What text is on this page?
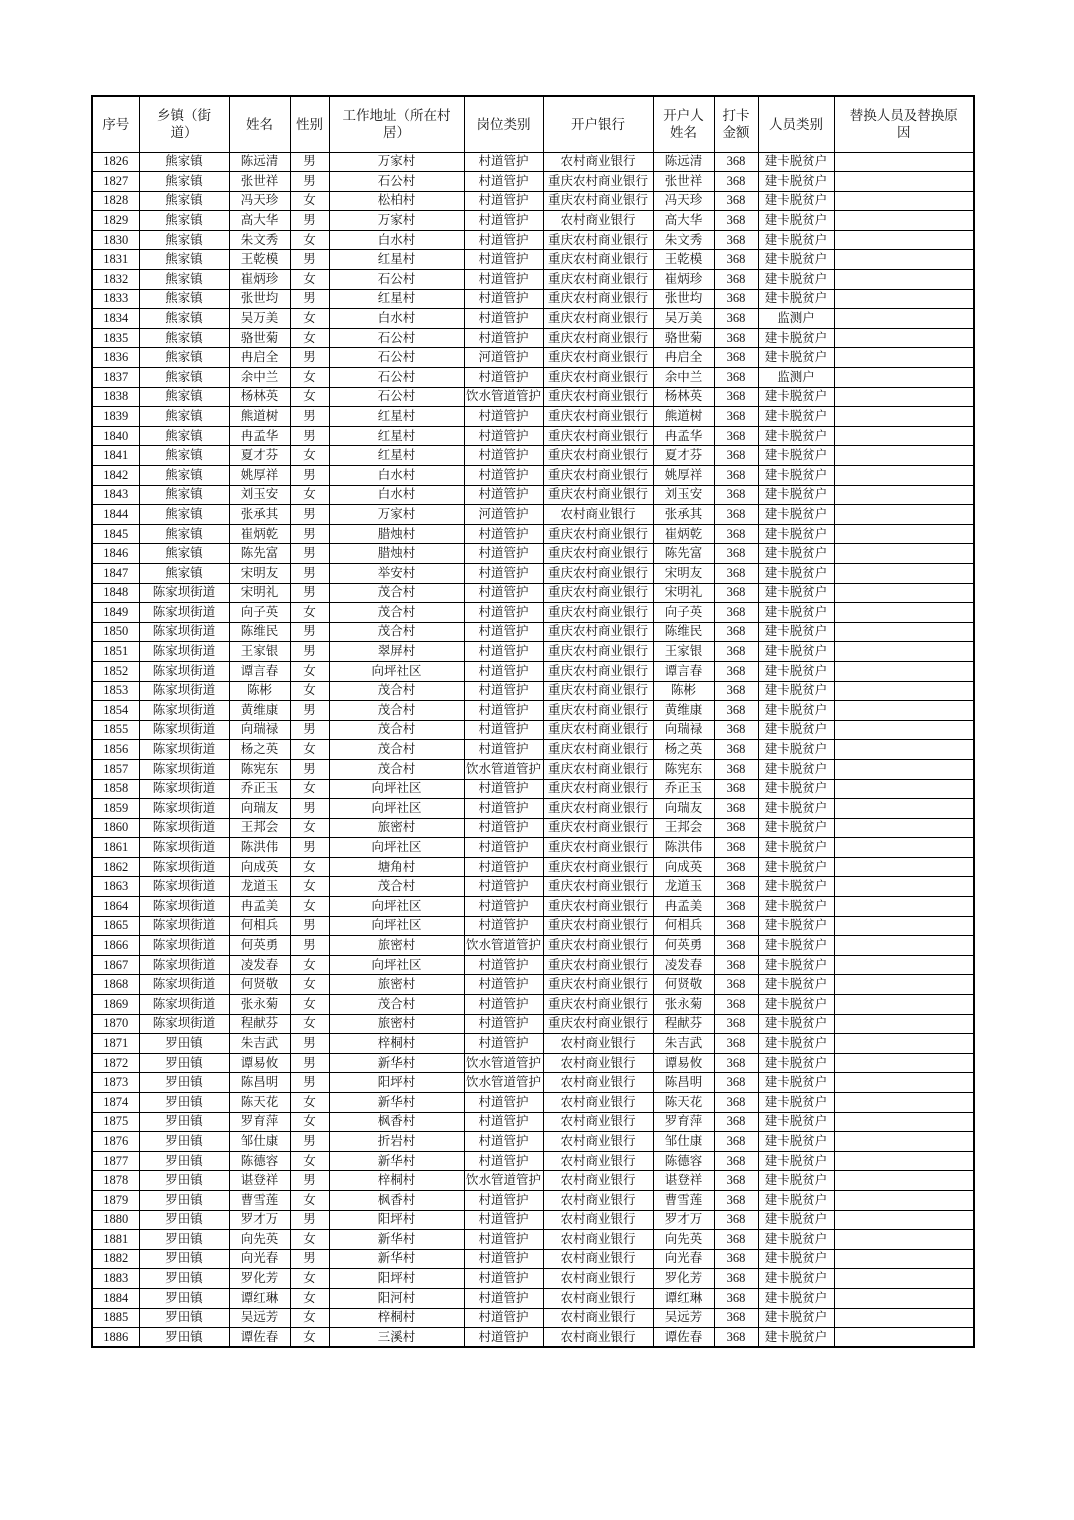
序号	乡镇（街道）	姓名	性别	工作地址（所在村居）	岗位类别	开户银行	开户人姓名	打卡金额	人员类别	替换人员及替换原因
1826	熊家镇	陈远清	男	万家村	村道管护	农村商业银行	陈远清	368	建卡脱贫户	
1827	熊家镇	张世祥	男	石公村	村道管护	重庆农村商业银行	张世祥	368	建卡脱贫户	
1828	熊家镇	冯天珍	女	松柏村	村道管护	重庆农村商业银行	冯天珍	368	建卡脱贫户	
1829	熊家镇	高大华	男	万家村	村道管护	农村商业银行	高大华	368	建卡脱贫户	
1830	熊家镇	朱文秀	女	白水村	村道管护	重庆农村商业银行	朱文秀	368	建卡脱贫户	
1831	熊家镇	王乾模	男	红星村	村道管护	重庆农村商业银行	王乾模	368	建卡脱贫户	
1832	熊家镇	崔炳珍	女	石公村	村道管护	重庆农村商业银行	崔炳珍	368	建卡脱贫户	
1833	熊家镇	张世均	男	红星村	村道管护	重庆农村商业银行	张世均	368	建卡脱贫户	
1834	熊家镇	吴万美	女	白水村	村道管护	重庆农村商业银行	吴万美	368	监测户	
1835	熊家镇	骆世菊	女	石公村	村道管护	重庆农村商业银行	骆世菊	368	建卡脱贫户	
1836	熊家镇	冉启全	男	石公村	河道管护	重庆农村商业银行	冉启全	368	建卡脱贫户	
1837	熊家镇	余中兰	女	石公村	村道管护	重庆农村商业银行	余中兰	368	监测户	
1838	熊家镇	杨林英	女	石公村	饮水管道管护	重庆农村商业银行	杨林英	368	建卡脱贫户	
1839	熊家镇	熊道树	男	红星村	村道管护	重庆农村商业银行	熊道树	368	建卡脱贫户	
1840	熊家镇	冉孟华	男	红星村	村道管护	重庆农村商业银行	冉孟华	368	建卡脱贫户	
1841	熊家镇	夏才芬	女	红星村	村道管护	重庆农村商业银行	夏才芬	368	建卡脱贫户	
1842	熊家镇	姚厚祥	男	白水村	村道管护	重庆农村商业银行	姚厚祥	368	建卡脱贫户	
1843	熊家镇	刘玉安	女	白水村	村道管护	重庆农村商业银行	刘玉安	368	建卡脱贫户	
1844	熊家镇	张承其	男	万家村	河道管护	农村商业银行	张承其	368	建卡脱贫户	
1845	熊家镇	崔炳乾	男	腊烛村	村道管护	重庆农村商业银行	崔炳乾	368	建卡脱贫户	
1846	熊家镇	陈先富	男	腊烛村	村道管护	重庆农村商业银行	陈先富	368	建卡脱贫户	
1847	熊家镇	宋明友	男	举安村	村道管护	重庆农村商业银行	宋明友	368	建卡脱贫户	
1848	陈家坝街道	宋明礼	男	茂合村	村道管护	重庆农村商业银行	宋明礼	368	建卡脱贫户	
1849	陈家坝街道	向子英	女	茂合村	村道管护	重庆农村商业银行	向子英	368	建卡脱贫户	
1850	陈家坝街道	陈维民	男	茂合村	村道管护	重庆农村商业银行	陈维民	368	建卡脱贫户	
1851	陈家坝街道	王家银	男	翠屏村	村道管护	重庆农村商业银行	王家银	368	建卡脱贫户	
1852	陈家坝街道	谭言春	女	向坪社区	村道管护	重庆农村商业银行	谭言春	368	建卡脱贫户	
1853	陈家坝街道	陈彬	女	茂合村	村道管护	重庆农村商业银行	陈彬	368	建卡脱贫户	
1854	陈家坝街道	黄维康	男	茂合村	村道管护	重庆农村商业银行	黄维康	368	建卡脱贫户	
1855	陈家坝街道	向瑞禄	男	茂合村	村道管护	重庆农村商业银行	向瑞禄	368	建卡脱贫户	
1856	陈家坝街道	杨之英	女	茂合村	村道管护	重庆农村商业银行	杨之英	368	建卡脱贫户	
1857	陈家坝街道	陈宪东	男	茂合村	饮水管道管护	重庆农村商业银行	陈宪东	368	建卡脱贫户	
1858	陈家坝街道	乔正玉	女	向坪社区	村道管护	重庆农村商业银行	乔正玉	368	建卡脱贫户	
1859	陈家坝街道	向瑞友	男	向坪社区	村道管护	重庆农村商业银行	向瑞友	368	建卡脱贫户	
1860	陈家坝街道	王邦会	女	旅密村	村道管护	重庆农村商业银行	王邦会	368	建卡脱贫户	
1861	陈家坝街道	陈洪伟	男	向坪社区	村道管护	重庆农村商业银行	陈洪伟	368	建卡脱贫户	
1862	陈家坝街道	向成英	女	塘角村	村道管护	重庆农村商业银行	向成英	368	建卡脱贫户	
1863	陈家坝街道	龙道玉	女	茂合村	村道管护	重庆农村商业银行	龙道玉	368	建卡脱贫户	
1864	陈家坝街道	冉孟美	女	向坪社区	村道管护	重庆农村商业银行	冉孟美	368	建卡脱贫户	
1865	陈家坝街道	何相兵	男	向坪社区	村道管护	重庆农村商业银行	何相兵	368	建卡脱贫户	
1866	陈家坝街道	何英勇	男	旅密村	饮水管道管护	重庆农村商业银行	何英勇	368	建卡脱贫户	
1867	陈家坝街道	凌发春	女	向坪社区	村道管护	重庆农村商业银行	凌发春	368	建卡脱贫户	
1868	陈家坝街道	何贤敬	女	旅密村	村道管护	重庆农村商业银行	何贤敬	368	建卡脱贫户	
1869	陈家坝街道	张永菊	女	茂合村	村道管护	重庆农村商业银行	张永菊	368	建卡脱贫户	
1870	陈家坝街道	程献芬	女	旅密村	村道管护	重庆农村商业银行	程献芬	368	建卡脱贫户	
1871	罗田镇	朱吉武	男	梓桐村	村道管护	农村商业银行	朱吉武	368	建卡脱贫户	
1872	罗田镇	谭易攸	男	新华村	饮水管道管护	农村商业银行	谭易攸	368	建卡脱贫户	
1873	罗田镇	陈昌明	男	阳坪村	饮水管道管护	农村商业银行	陈昌明	368	建卡脱贫户	
1874	罗田镇	陈天花	女	新华村	村道管护	农村商业银行	陈天花	368	建卡脱贫户	
1875	罗田镇	罗育萍	女	枫香村	村道管护	农村商业银行	罗育萍	368	建卡脱贫户	
1876	罗田镇	邹仕康	男	折岩村	村道管护	农村商业银行	邹仕康	368	建卡脱贫户	
1877	罗田镇	陈德容	女	新华村	村道管护	农村商业银行	陈德容	368	建卡脱贫户	
1878	罗田镇	谌登祥	男	梓桐村	饮水管道管护	农村商业银行	谌登祥	368	建卡脱贫户	
1879	罗田镇	曹雪莲	女	枫香村	村道管护	农村商业银行	曹雪莲	368	建卡脱贫户	
1880	罗田镇	罗才万	男	阳坪村	村道管护	农村商业银行	罗才万	368	建卡脱贫户	
1881	罗田镇	向先英	女	新华村	村道管护	农村商业银行	向先英	368	建卡脱贫户	
1882	罗田镇	向光春	男	新华村	村道管护	农村商业银行	向光春	368	建卡脱贫户	
1883	罗田镇	罗化芳	女	阳坪村	村道管护	农村商业银行	罗化芳	368	建卡脱贫户	
1884	罗田镇	谭红琳	女	阳河村	村道管护	农村商业银行	谭红琳	368	建卡脱贫户	
1885	罗田镇	吴远芳	女	梓桐村	村道管护	农村商业银行	吴远芳	368	建卡脱贫户	
1886	罗田镇	谭佐春	女	三溪村	村道管护	农村商业银行	谭佐春	368	建卡脱贫户	
